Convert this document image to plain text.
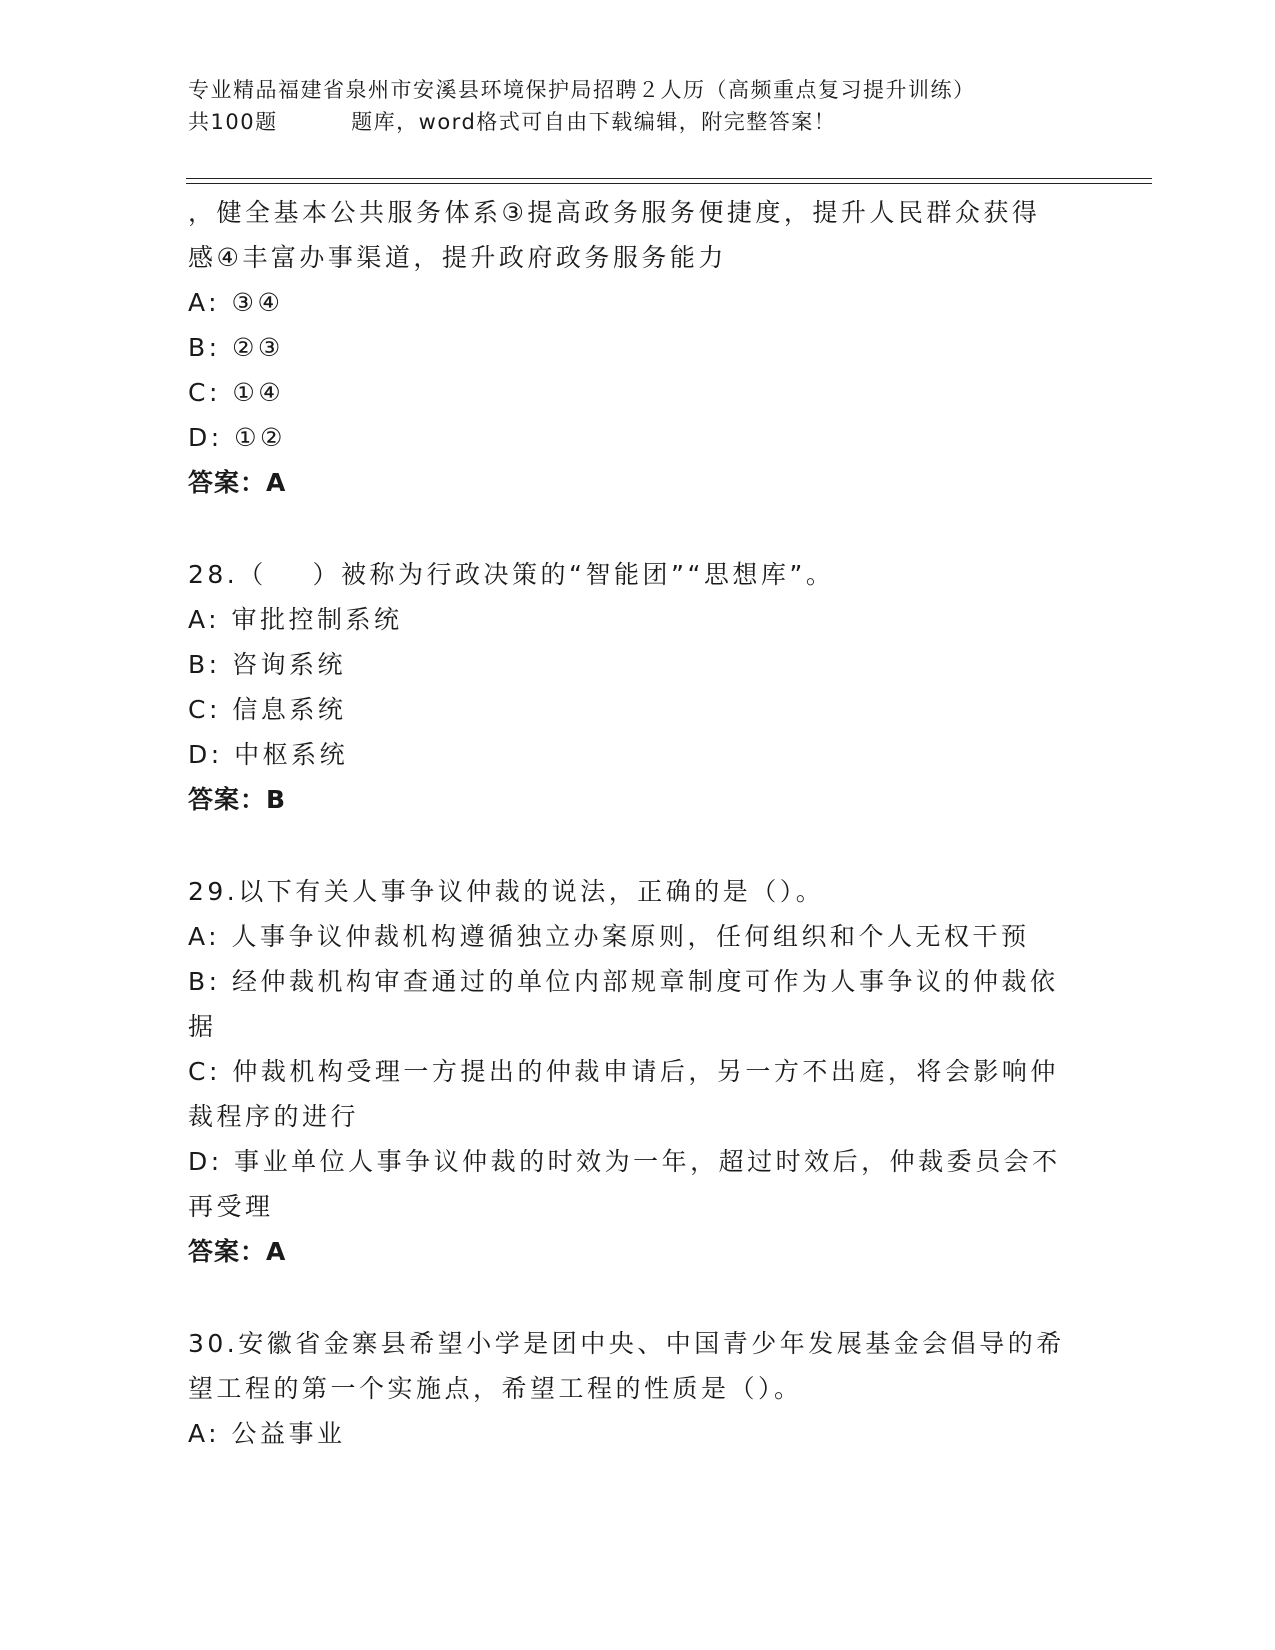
专业精品福建省泉州市安溪县环境保护局招聘２人历（高频重点复习提升训练）
共100题         题库，word格式可自由下载编辑，附完整答案！
，健全基本公共服务体系③提高政务服务便捷度，提升人民群众获得
感④丰富办事渠道，提升政府政务服务能力
A: ③④
B: ②③
C: ①④
D: ①②
答案：A
28.（    ）被称为行政决策的“智能团”“思想库”。
A: 审批控制系统
B: 咨询系统
C: 信息系统
D: 中枢系统
答案：B
29.以下有关人事争议仲裁的说法，正确的是（）。
A: 人事争议仲裁机构遵循独立办案原则，任何组织和个人无权干预
B: 经仲裁机构审查通过的单位内部规章制度可作为人事争议的仲裁依
据
C: 仲裁机构受理一方提出的仲裁申请后，另一方不出庭，将会影响仲
裁程序的进行
D: 事业单位人事争议仲裁的时效为一年，超过时效后，仲裁委员会不
再受理
答案：A
30.安徽省金寨县希望小学是团中央、中国青少年发展基金会倡导的希
望工程的第一个实施点，希望工程的性质是（）。
A: 公益事业
